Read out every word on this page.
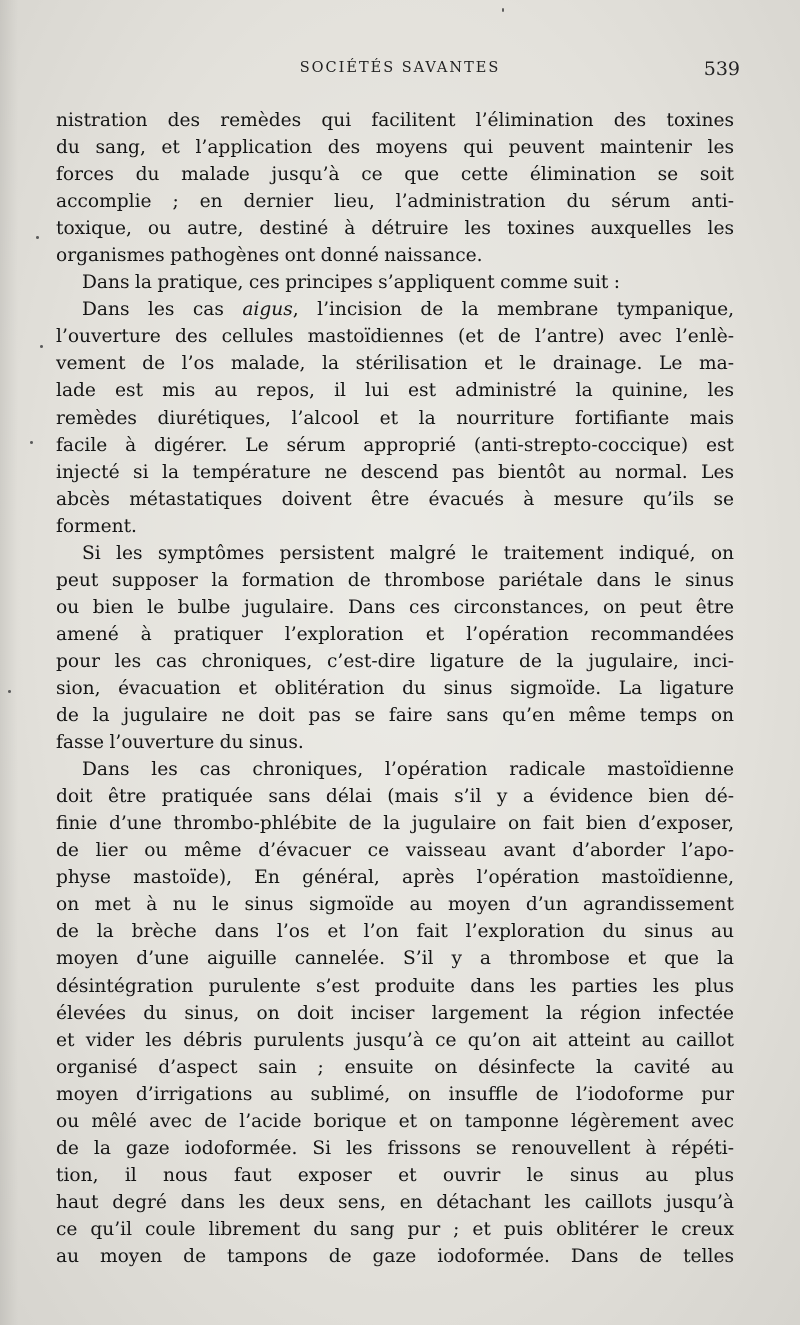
SOCIÉTÉS SAVANTES	539
nistration des remèdes qui facilitent l’élimination des toxines
du sang, et l’application des moyens qui peuvent maintenir les
forces du malade jusqu’à ce que cette élimination se soit
accomplie ; en dernier lieu, l’administration du sérum anti-
toxique, ou autre, destiné à détruire les toxines auxquelles les
organismes pathogènes ont donné naissance.
Dans la pratique, ces principes s’appliquent comme suit :
Dans les cas aigus, l’incision de la membrane tympanique,
l’ouverture des cellules mastoïdiennes (et de l’antre) avec l’enlè-
vement de l’os malade, la stérilisation et le drainage. Le ma-
lade est mis au repos, il lui est administré la quinine, les
remèdes diurétiques, l’alcool et la nourriture fortifiante mais
facile à digérer. Le sérum approprié (anti-strepto-coccique) est
injecté si la température ne descend pas bientôt au normal. Les
abcès métastatiques doivent être évacués à mesure qu’ils se
forment.
Si les symptômes persistent malgré le traitement indiqué, on
peut supposer la formation de thrombose pariétale dans le sinus
ou bien le bulbe jugulaire. Dans ces circonstances, on peut être
amené à pratiquer l’exploration et l’opération recommandées
pour les cas chroniques, c’est-dire ligature de la jugulaire, inci-
sion, évacuation et oblitération du sinus sigmoïde. La ligature
de la jugulaire ne doit pas se faire sans qu’en même temps on
fasse l’ouverture du sinus.
Dans les cas chroniques, l’opération radicale mastoïdienne
doit être pratiquée sans délai (mais s’il y a évidence bien dé-
finie d’une thrombo-phlébite de la jugulaire on fait bien d’exposer,
de lier ou même d’évacuer ce vaisseau avant d’aborder l’apo-
physe mastoïde), En général, après l’opération mastoïdienne,
on met à nu le sinus sigmoïde au moyen d’un agrandissement
de la brèche dans l’os et l’on fait l’exploration du sinus au
moyen d’une aiguille cannelée. S’il y a thrombose et que la
désintégration purulente s’est produite dans les parties les plus
élevées du sinus, on doit inciser largement la région infectée
et vider les débris purulents jusqu’à ce qu’on ait atteint au caillot
organisé d’aspect sain ; ensuite on désinfecte la cavité au
moyen d’irrigations au sublimé, on insuffle de l’iodoforme pur
ou mêlé avec de l’acide borique et on tamponne légèrement avec
de la gaze iodoformée. Si les frissons se renouvellent à répéti-
tion, il nous faut exposer et ouvrir le sinus au plus
haut degré dans les deux sens, en détachant les caillots jusqu’à
ce qu’il coule librement du sang pur ; et puis oblitérer le creux
au moyen de tampons de gaze iodoformée. Dans de telles
